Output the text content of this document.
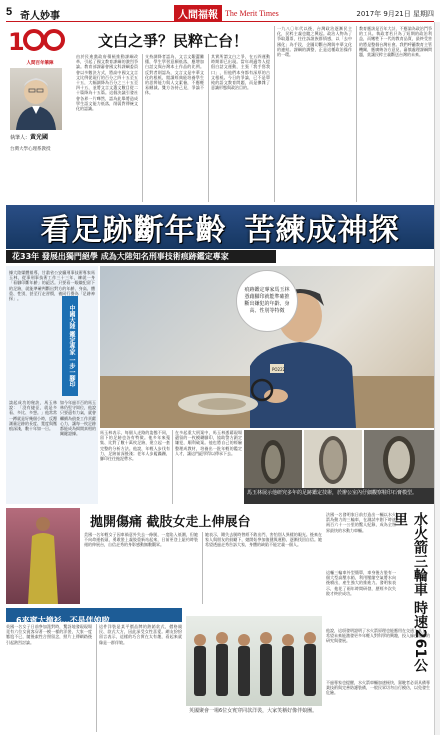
5 奇人妙事	人間福報 The Merit Times	2017年 9月21日 星期四
1
人間百年筆陣
執筆人：黃光國
台灣大學心理系教授
文白之爭？民粹亡台！
由於民進黨政府積極推動課綱改革，引起了國文教育課綱的激烈爭論。教育部課審會國文科課綱委員會以多數決方式，將高中國文文言文比例從現行的百分之四十五至五十五，大幅調降為百分之三十五至四十五，並將文言文選文數目從二十篇降為十五篇。這個決議引發社會各界一片嘩然，認為此舉將造成學生語文能力低落，削弱對傳統文化的認識。
支持調降者認為，文言文艱澀難懂，學生學習意願低落，應增加白話文與台灣本土作品的比例。反對者則認為，文言文是中華文化的根柢，閱讀經典能培養學生的思辨能力與人文素養，不應輕易刪減。雙方各持己見，爭論不休。
其實所謂文白之爭，在五四運動時期即已出現。當年胡適等人提倡白話文運動，主張「我手寫我口」，但他們本身都有深厚的古文根柢。今日的爭論，已不是單純的語文教育問題，而是摻雜了意識形態與政治目的。
一九八〇年代以後，台灣政治逐漸民主化，民粹主義也隨之興起。政治人物為了爭取選票，往往訴諸族群情感，以「去中國化」為手段，企圖切斷台灣與中華文化的連結。課綱的調整，正是這種政治操作的一環。
教育應該是百年大計，不應淪為政治鬥爭的工具。執政者若只為了短期的政治利益，而犧牲下一代的教育品質，最終受害的將是整個台灣社會。我們呼籲教育主管機關，應廣納各方意見，審慎處理課綱問題，莫讓民粹主義斷送台灣的未來。
看足跡斷年齡 苦練成神探
花33年 發展出獨門絕學 成為大陸知名刑事技術痕跡鑑定專家
據大陸媒體報導，甘肅省公安廳刑事技術專家馬玉林，從事刑事技術工作三十三年，練就一身「看腳印斷年齡」的絕活。只要看一眼嫌犯留下的足跡，就能準確判斷出對方的年齡、身高、體重、性別，甚至行走習慣，被同行譽為「足跡神探」。
中國大陸 鑑定專家 一步一腳印	PO222
痕跡鑑定專家馬玉林憑藉腳印就能準確推斷出嫌犯的年齡、身高、性別等特徵
馬玉林展示他研究多年的足跡鑑定技術，於辦公室內仔細觀察鞋印石膏模型。
馬玉林表示，每個人走路的姿態不同，留下的足跡也各有特徵。他多年來蒐集、比對了數十萬枚足跡，建立起一套完整的分析方法。他說，年輕人步伐有力，足跡前深後淺；老年人步履蹣跚，腳印往往拖泥帶水。
在多起重大刑案中，馬玉林憑藉現場遺留的一枚模糊腳印，協助警方鎖定嫌犯，順利破案。他也將自己的經驗整理成教材，培養出一批年輕的鑑定人才，讓這門絕學得以傳承下去。
談起成功的秘訣，馬玉林說：「沒有捷徑，就是多看、多比、多想。」他常常一蹲就是好幾個小時，反覆測量足跡的長度、寬度與壓痕深淺，數十年如一日。
如今年過半百的馬玉林仍堅守崗位，他說只要還有力氣，就會繼續為偵查工作貢獻心力，讓每一枚足跡都能成為揭開真相的關鍵證據。
拋開傷痛 截肢女走上伸展台
美國一名年輕女子因車禍意外失去一條腿，一度陷入低潮，但她不向命運低頭，勇敢裝上義肢重新站起來，日前更登上紐約時裝週的伸展台，自信走秀的身影感動無數觀眾。
她表示，剛失去腿時曾經不敢出門，害怕別人異樣的眼光。後來在家人與朋友的鼓勵下，她開始參加復健與運動，逐漸找回自信。她希望透過走秀告訴大家，身體的缺陷不能定義一個人。
6來賓大撞衫…不是伴娘啦
英國一名女子日前參加派對時，驚訝地發現現場竟有六位女賓客穿著一模一樣的洋裝，大家一度尷尬不已，隨後索性合照留念，照片上傳網路後引起熱烈討論。
這件洋裝是某平價品牌的熱銷款式，價格親民、款式大方，因此深受女性喜愛。網友紛紛留言表示，這樣的巧合實在太有趣，看起來就像是一群伴娘。
英國聚會一場6位女賓穿同款洋裝，大家笑稱好像伴娘團。
水火箭三輪車 時速261公里
法國一名發明家日前打造出一輛以水火箭為動力的三輪車，在測試中創下時速兩百六十一公里的驚人紀錄，成為全世界最快的水動力車輛。
這輛三輪車外型簡單，車身後方裝有一個大型高壓水箱，利用壓縮空氣將水向後噴出，產生強大的推進力。發明家表示，他花了兩年時間研發，歷經多次失敗才終於成功。
他說，這項發明證明了水火箭原理也能應用在交通工具上，希望未來能激發更多年輕人對科學的興趣，投入綠色能源的研究與發展。
不過專家也提醒，水火箭車輛加速極快，駕駛者必須具備專業技術與完善防護裝備，一般民眾切勿自行模仿，以免發生危險。
